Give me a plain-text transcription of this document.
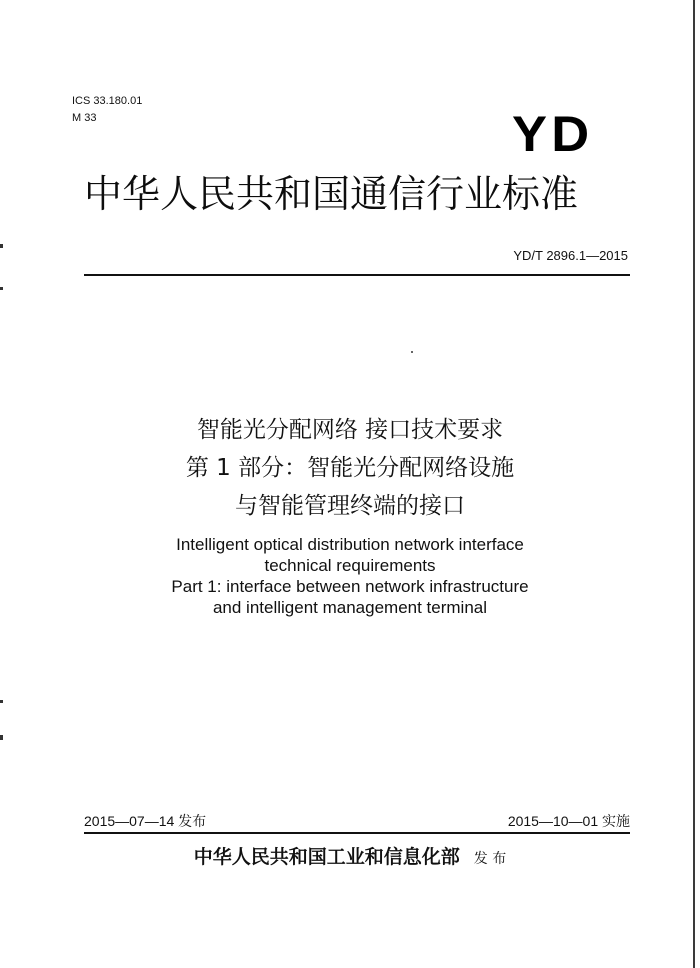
ICS 33.180.01
M 33	YD
中华人民共和国通信行业标准
YD/T 2896.1—2015
智能光分配网络 接口技术要求
第 1 部分：智能光分配网络设施
与智能管理终端的接口
Intelligent optical distribution network interface
technical requirements
Part 1: interface between network infrastructure
and intelligent management terminal
2015—07—14 发布	2015—10—01 实施
中华人民共和国工业和信息化部 发 布
